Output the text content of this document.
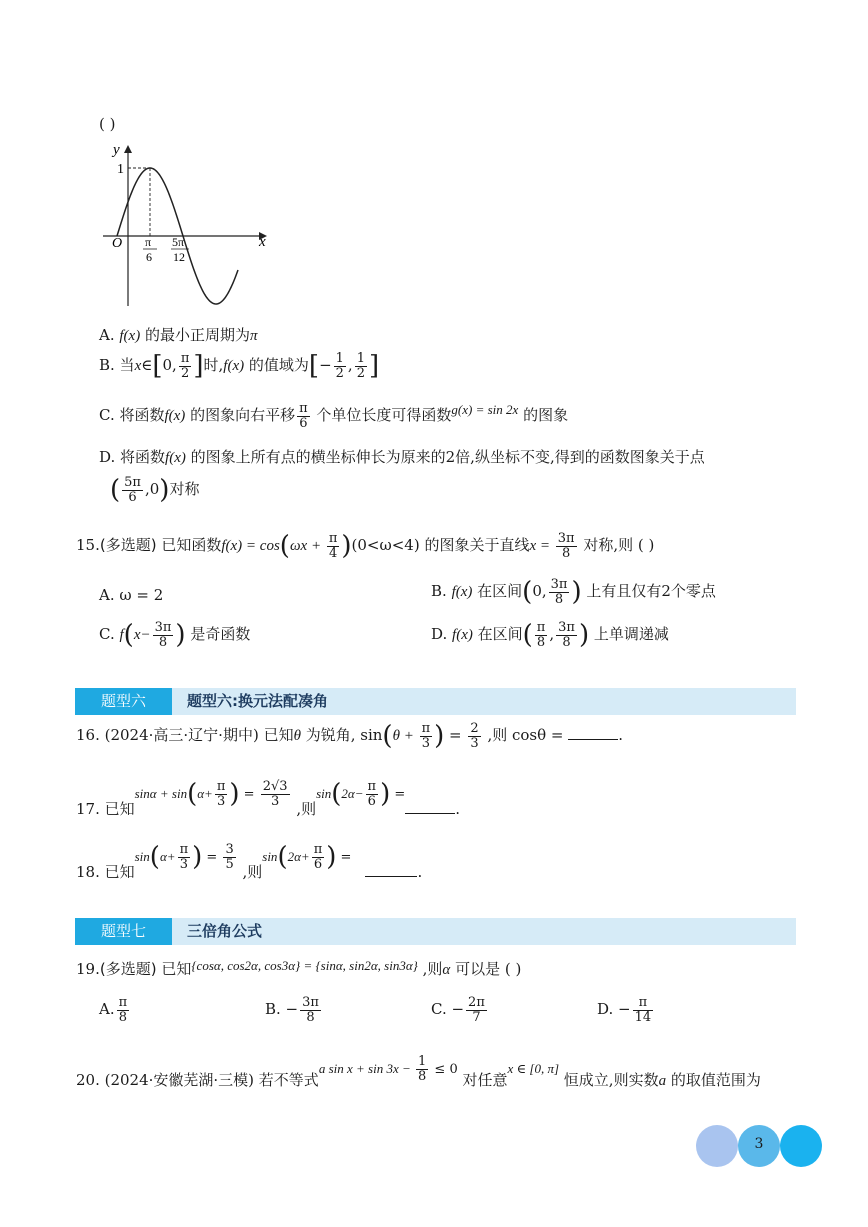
( )
y
x
O
1
π
6
5π
12
A. f(x) 的最小正周期为π
B. 当x∈[0, $\frac{\pi}{2}$ ]时,f(x) 的值域为[− $\frac{1}{2}$ , $\frac{1}{2}$ ]
C. 将函数f(x) 的图象向右平移 $\frac{\pi}{6}$ 个单位长度可得函数g(x) = sin 2x 的图象
D. 将函数f(x) 的图象上所有点的横坐标伸长为原来的2倍,纵坐标不变,得到的函数图象关于点
( $\frac{5\pi}{6} ,0$)对称
15.(多选题) 已知函数$f(x) = \cos(\omega x + \frac{\pi}{4} )(0<\omega<4)$ 的图象关于直线$x = \frac{3\pi}{8}$ 对称,则 ( )
A. ω = 2	B. f(x) 在区间(0, $\frac{3\pi}{8}$ ) 上有且仅有2个零点
C. $f(x- \frac{3\pi}{8}$ ) 是奇函数	D. f(x) 在区间( $\frac{\pi}{8}$ , $\frac{3\pi}{8}$ ) 上单调递减
题型六	题型六:换元法配凑角
16. (2024·高三·辽宁·期中) 已知θ 为锐角, $\sin(\theta + \frac{\pi}{3}$ ) = $\frac{2}{3}$ ,则 cosθ =	.
17. 已知$\sin\alpha + \sin(\alpha+ \frac{\pi}{3}$ ) = $\frac{2√3}{3}$
,则$\sin(2\alpha- \frac{\pi}{6}$ ) =.
18. 已知$\sin(\alpha+ \frac{\pi}{3}$ ) = $\frac{3}{5}$
,则$\sin(2\alpha+ \frac{\pi}{6}$ ) =.
题型七	三倍角公式
19.(多选题) 已知{cosα, cos2α, cos3α} = {sinα, sin2α, sin3α} ,则α 可以是 ( )
A. $\frac{\pi}{8}$	B. − $\frac{3\pi}{8}$	C. − $\frac{2\pi}{7}$	D. − $\frac{\pi}{14}$
20. (2024·安徽芜湖·三模) 若不等式a $\sin x + \sin 3x - \frac{1}{8} \le 0$ 对任意x ∈ [0, π] 恒成立,则实数a 的取值范围为
3
